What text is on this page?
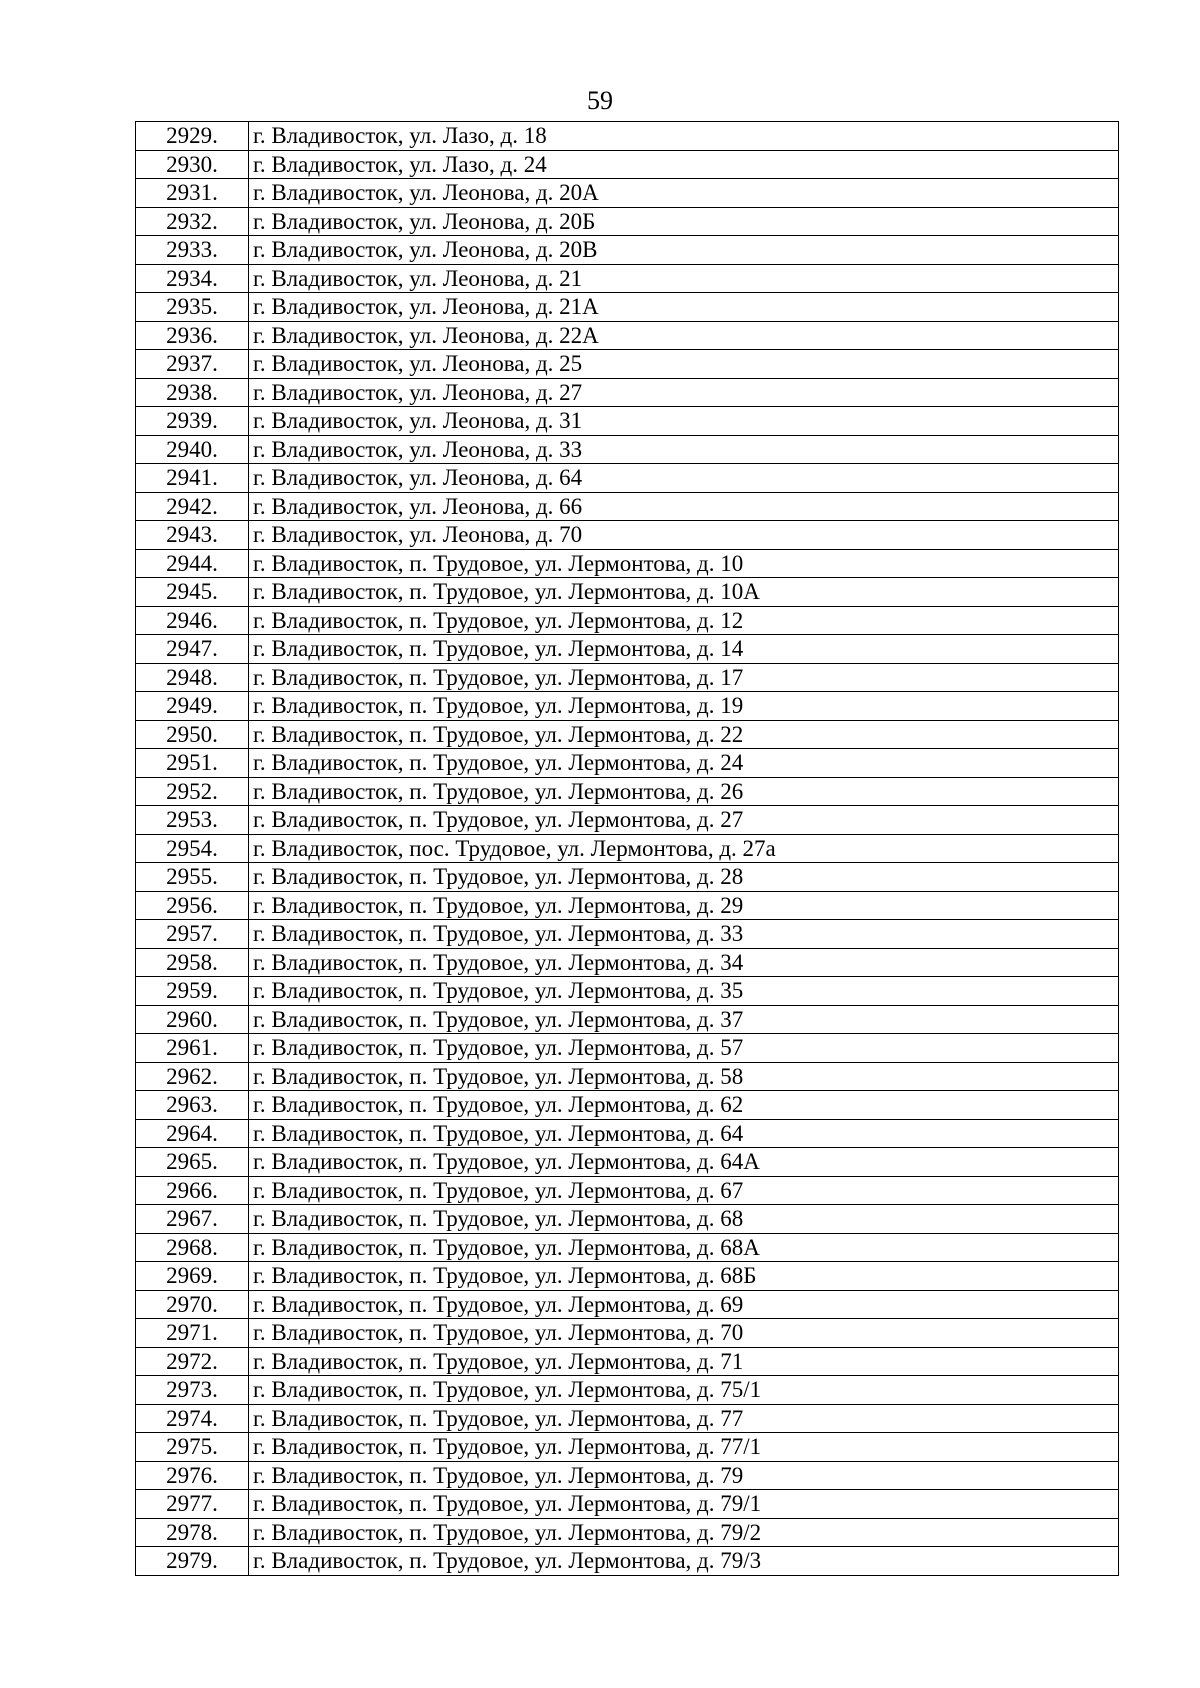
59
2929.	г. Владивосток, ул. Лазо, д. 18
2930.	г. Владивосток, ул. Лазо, д. 24
2931.	г. Владивосток, ул. Леонова, д. 20А
2932.	г. Владивосток, ул. Леонова, д. 20Б
2933.	г. Владивосток, ул. Леонова, д. 20В
2934.	г. Владивосток, ул. Леонова, д. 21
2935.	г. Владивосток, ул. Леонова, д. 21А
2936.	г. Владивосток, ул. Леонова, д. 22А
2937.	г. Владивосток, ул. Леонова, д. 25
2938.	г. Владивосток, ул. Леонова, д. 27
2939.	г. Владивосток, ул. Леонова, д. 31
2940.	г. Владивосток, ул. Леонова, д. 33
2941.	г. Владивосток, ул. Леонова, д. 64
2942.	г. Владивосток, ул. Леонова, д. 66
2943.	г. Владивосток, ул. Леонова, д. 70
2944.	г. Владивосток, п. Трудовое, ул. Лермонтова, д. 10
2945.	г. Владивосток, п. Трудовое, ул. Лермонтова, д. 10А
2946.	г. Владивосток, п. Трудовое, ул. Лермонтова, д. 12
2947.	г. Владивосток, п. Трудовое, ул. Лермонтова, д. 14
2948.	г. Владивосток, п. Трудовое, ул. Лермонтова, д. 17
2949.	г. Владивосток, п. Трудовое, ул. Лермонтова, д. 19
2950.	г. Владивосток, п. Трудовое, ул. Лермонтова, д. 22
2951.	г. Владивосток, п. Трудовое, ул. Лермонтова, д. 24
2952.	г. Владивосток, п. Трудовое, ул. Лермонтова, д. 26
2953.	г. Владивосток, п. Трудовое, ул. Лермонтова, д. 27
2954.	г. Владивосток, пос. Трудовое, ул. Лермонтова, д. 27а
2955.	г. Владивосток, п. Трудовое, ул. Лермонтова, д. 28
2956.	г. Владивосток, п. Трудовое, ул. Лермонтова, д. 29
2957.	г. Владивосток, п. Трудовое, ул. Лермонтова, д. 33
2958.	г. Владивосток, п. Трудовое, ул. Лермонтова, д. 34
2959.	г. Владивосток, п. Трудовое, ул. Лермонтова, д. 35
2960.	г. Владивосток, п. Трудовое, ул. Лермонтова, д. 37
2961.	г. Владивосток, п. Трудовое, ул. Лермонтова, д. 57
2962.	г. Владивосток, п. Трудовое, ул. Лермонтова, д. 58
2963.	г. Владивосток, п. Трудовое, ул. Лермонтова, д. 62
2964.	г. Владивосток, п. Трудовое, ул. Лермонтова, д. 64
2965.	г. Владивосток, п. Трудовое, ул. Лермонтова, д. 64А
2966.	г. Владивосток, п. Трудовое, ул. Лермонтова, д. 67
2967.	г. Владивосток, п. Трудовое, ул. Лермонтова, д. 68
2968.	г. Владивосток, п. Трудовое, ул. Лермонтова, д. 68А
2969.	г. Владивосток, п. Трудовое, ул. Лермонтова, д. 68Б
2970.	г. Владивосток, п. Трудовое, ул. Лермонтова, д. 69
2971.	г. Владивосток, п. Трудовое, ул. Лермонтова, д. 70
2972.	г. Владивосток, п. Трудовое, ул. Лермонтова, д. 71
2973.	г. Владивосток, п. Трудовое, ул. Лермонтова, д. 75/1
2974.	г. Владивосток, п. Трудовое, ул. Лермонтова, д. 77
2975.	г. Владивосток, п. Трудовое, ул. Лермонтова, д. 77/1
2976.	г. Владивосток, п. Трудовое, ул. Лермонтова, д. 79
2977.	г. Владивосток, п. Трудовое, ул. Лермонтова, д. 79/1
2978.	г. Владивосток, п. Трудовое, ул. Лермонтова, д. 79/2
2979.	г. Владивосток, п. Трудовое, ул. Лермонтова, д. 79/3
